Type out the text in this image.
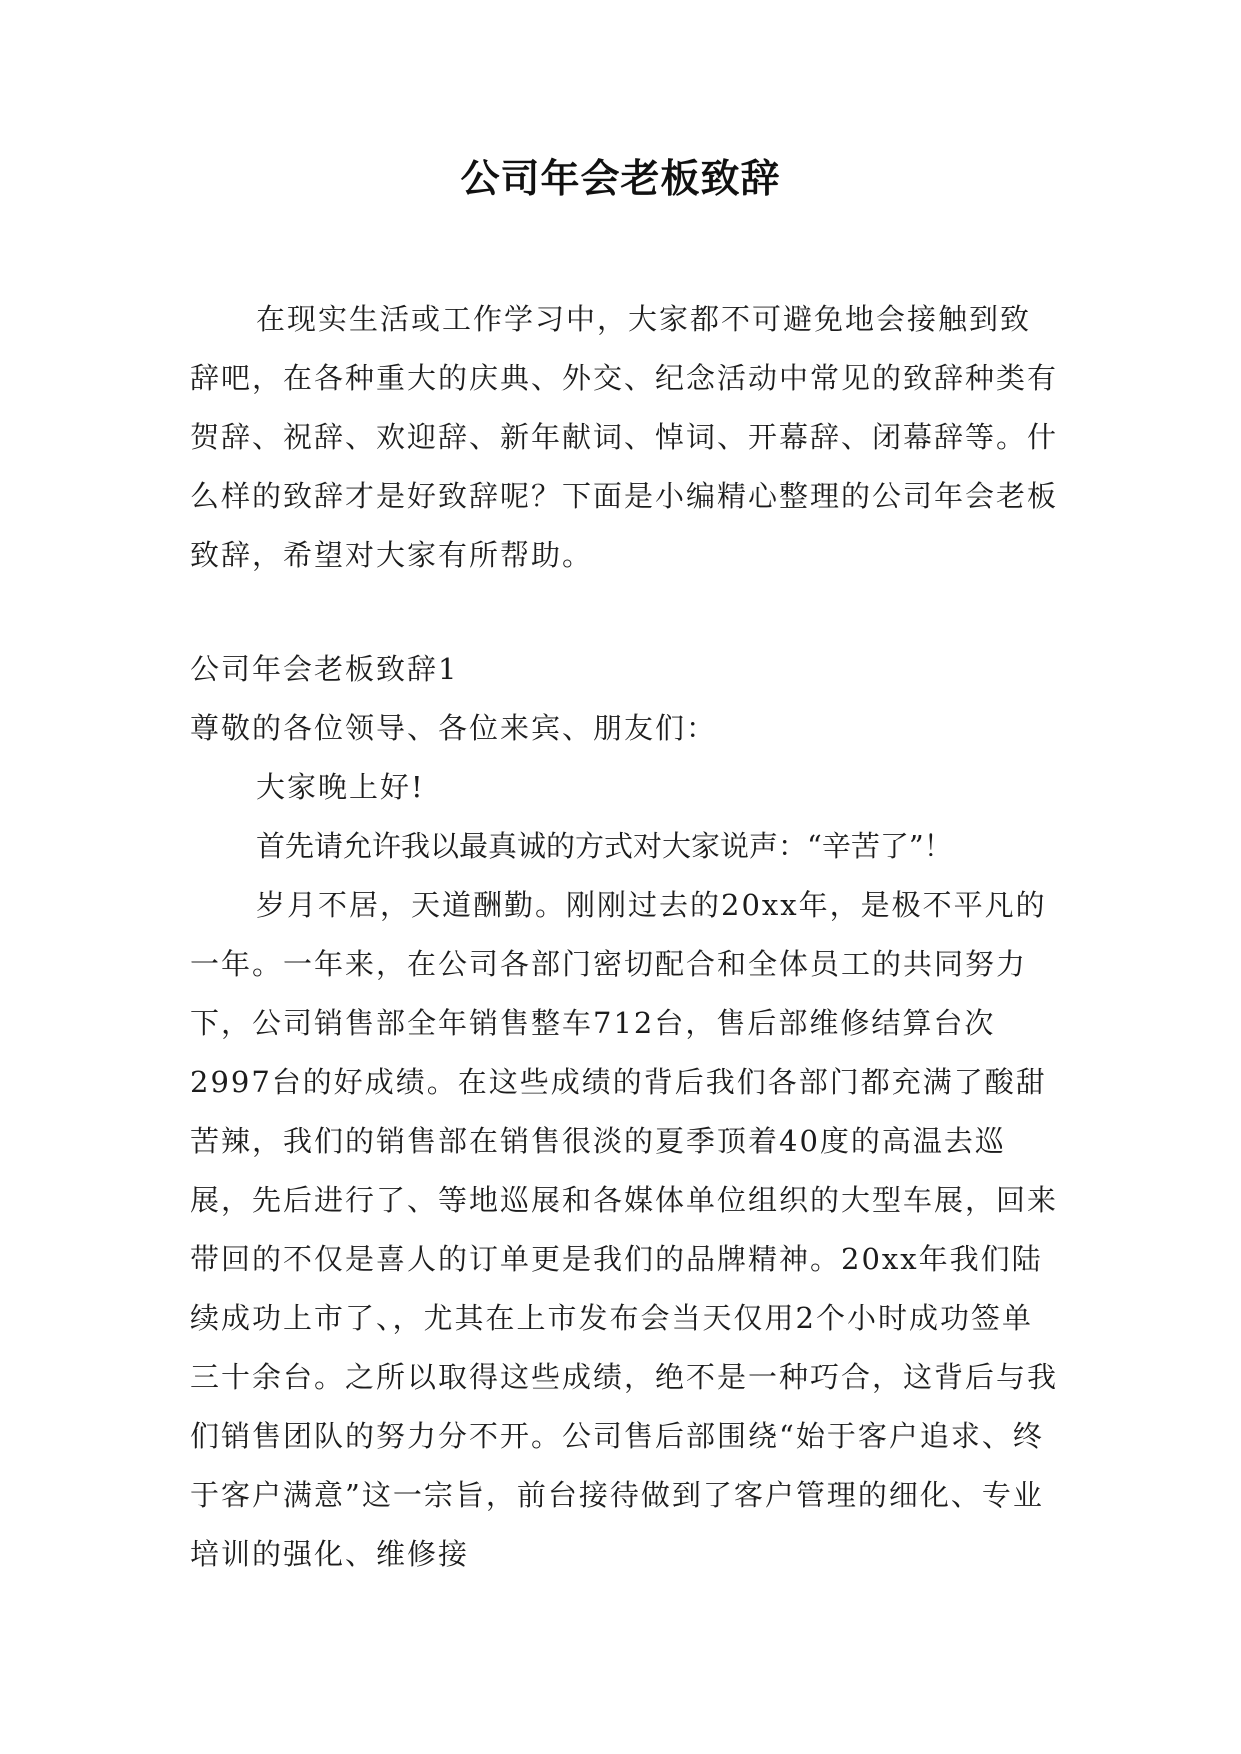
公司年会老板致辞
在现实生活或工作学习中，大家都不可避免地会接触到致辞吧，在各种重大的庆典、外交、纪念活动中常见的致辞种类有贺辞、祝辞、欢迎辞、新年献词、悼词、开幕辞、闭幕辞等。什么样的致辞才是好致辞呢？下面是小编精心整理的公司年会老板致辞，希望对大家有所帮助。

公司年会老板致辞1

尊敬的各位领导、各位来宾、朋友们：

大家晚上好!

首先请允许我以最真诚的方式对大家说声：“辛苦了”！

岁月不居，天道酬勤。刚刚过去的20xx年，是极不平凡的一年。一年来，在公司各部门密切配合和全体员工的共同努力下，公司销售部全年销售整车712台，售后部维修结算台次2997台的好成绩。在这些成绩的背后我们各部门都充满了酸甜苦辣，我们的销售部在销售很淡的夏季顶着40度的高温去巡展，先后进行了、等地巡展和各媒体单位组织的大型车展，回来带回的不仅是喜人的订单更是我们的品牌精神。20xx年我们陆续成功上市了、，尤其在上市发布会当天仅用2个小时成功签单三十余台。之所以取得这些成绩，绝不是一种巧合，这背后与我们销售团队的努力分不开。公司售后部围绕“始于客户追求、终于客户满意”这一宗旨，前台接待做到了客户管理的细化、专业培训的强化、维修接
